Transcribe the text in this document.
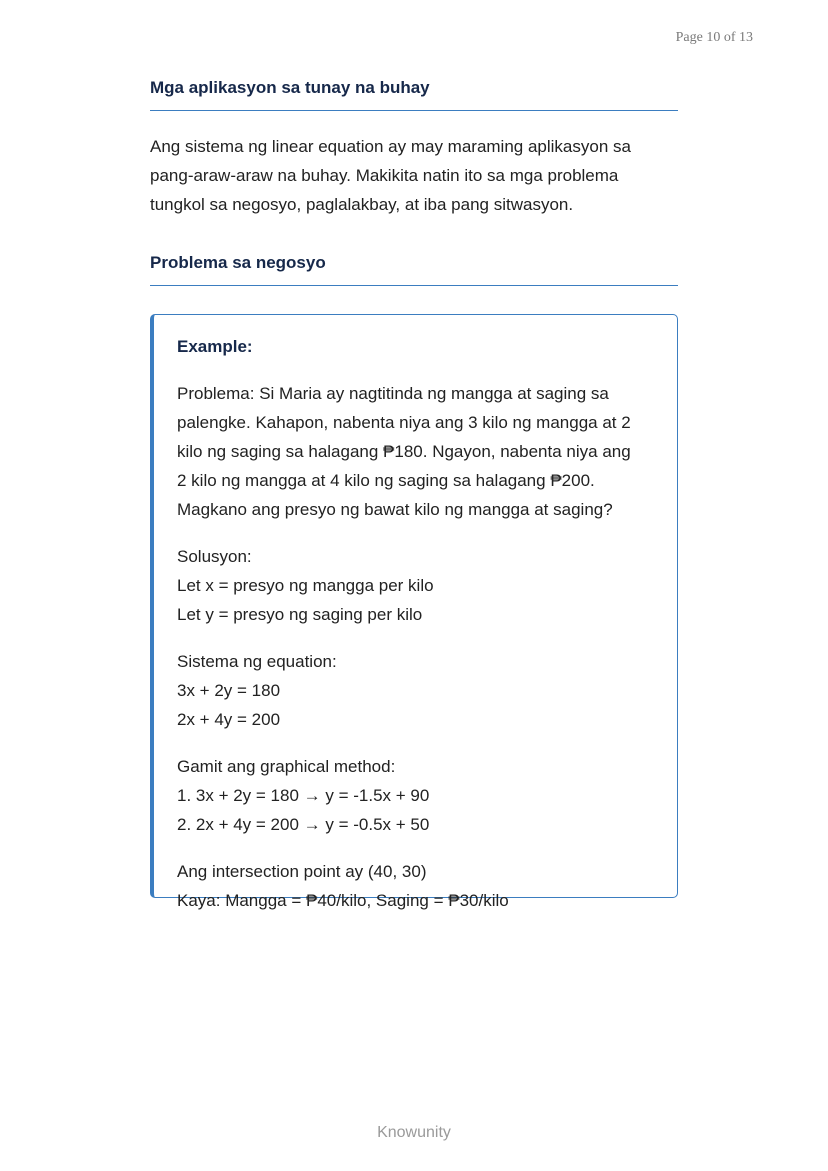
Page 10 of 13
Mga aplikasyon sa tunay na buhay
Ang sistema ng linear equation ay may maraming aplikasyon sa
pang-araw-araw na buhay. Makikita natin ito sa mga problema
tungkol sa negosyo, paglalakbay, at iba pang sitwasyon.
Problema sa negosyo
Example:
Problema: Si Maria ay nagtitinda ng mangga at saging sa
palengke. Kahapon, nabenta niya ang 3 kilo ng mangga at 2
kilo ng saging sa halagang ₱180. Ngayon, nabenta niya ang
2 kilo ng mangga at 4 kilo ng saging sa halagang ₱200.
Magkano ang presyo ng bawat kilo ng mangga at saging?
Solusyon:
Let x = presyo ng mangga per kilo
Let y = presyo ng saging per kilo
Sistema ng equation:
3x + 2y = 180
2x + 4y = 200
Gamit ang graphical method:
1. 3x + 2y = 180 → y = -1.5x + 90
2. 2x + 4y = 200 → y = -0.5x + 50
Ang intersection point ay (40, 30)
Kaya: Mangga = ₱40/kilo, Saging = ₱30/kilo
Knowunity
